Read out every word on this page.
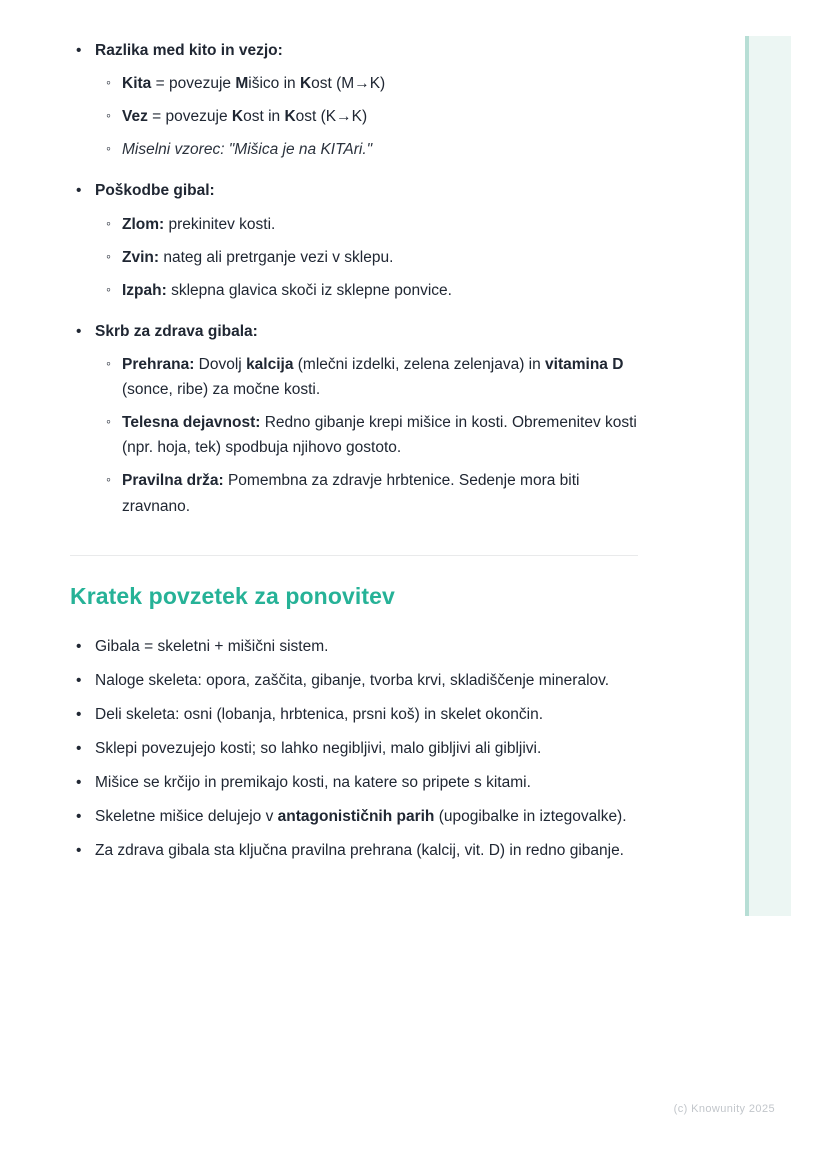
• Razlika med kito in vezjo:
◦ Kita = povezuje Mišico in Kost (M→K)
◦ Vez = povezuje Kost in Kost (K→K)
◦ Miselni vzorec: "Mišica je na KITAri."
• Poškodbe gibal:
◦ Zlom: prekinitev kosti.
◦ Zvin: nateg ali pretrganje vezi v sklepu.
◦ Izpah: sklepna glavica skoči iz sklepne ponvice.
• Skrb za zdrava gibala:
◦ Prehrana: Dovolj kalcija (mlečni izdelki, zelena zelenjava) in vitamina D (sonce, ribe) za močne kosti.
◦ Telesna dejavnost: Redno gibanje krepi mišice in kosti. Obremenitev kosti (npr. hoja, tek) spodbuja njihovo gostoto.
◦ Pravilna drža: Pomembna za zdravje hrbtenice. Sedenje mora biti zravnano.
Kratek povzetek za ponovitev
• Gibala = skeletni + mišični sistem.
• Naloge skeleta: opora, zaščita, gibanje, tvorba krvi, skladiščenje mineralov.
• Deli skeleta: osni (lobanja, hrbtenica, prsni koš) in skelet okončin.
• Sklepi povezujejo kosti; so lahko negibljivi, malo gibljivi ali gibljivi.
• Mišice se krčijo in premikajo kosti, na katere so pripete s kitami.
• Skeletne mišice delujejo v antagonističnih parih (upogibalke in iztegovalke).
• Za zdrava gibala sta ključna pravilna prehrana (kalcij, vit. D) in redno gibanje.
(c) Knowunity 2025
